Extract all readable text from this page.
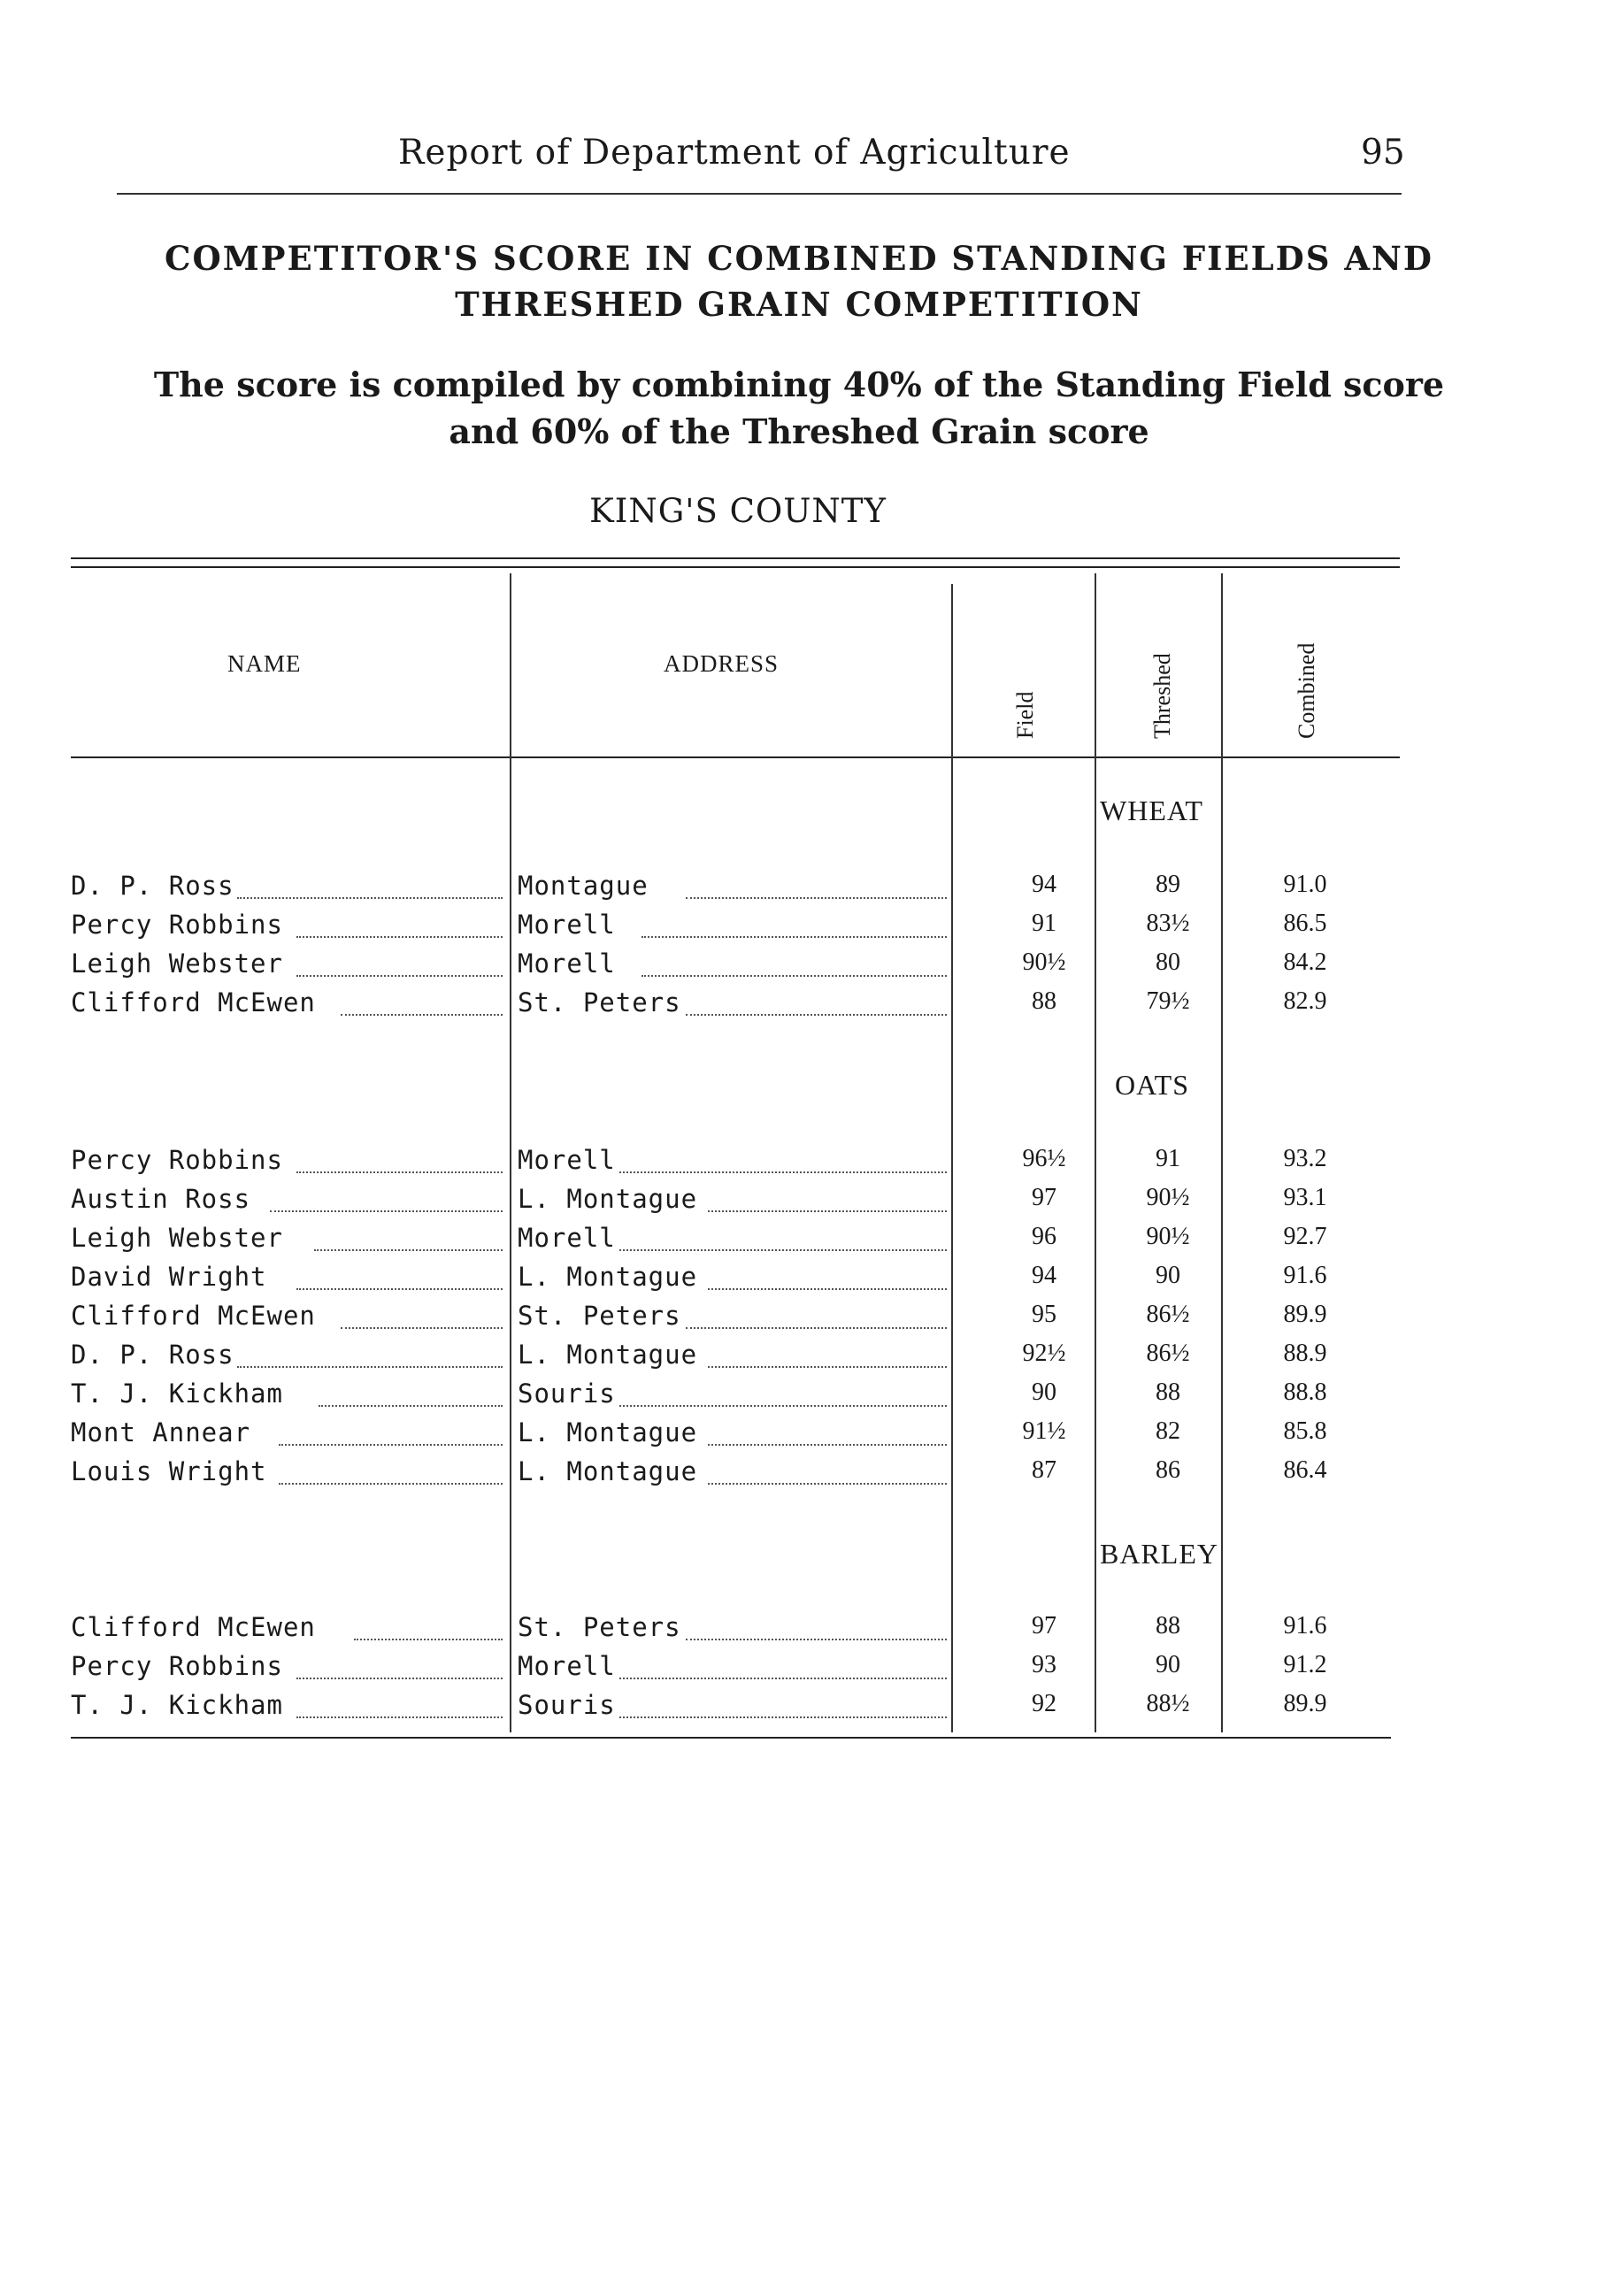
Report of Department of Agriculture	95
COMPETITOR'S SCORE IN COMBINED STANDING FIELDS AND
THRESHED GRAIN COMPETITION
The score is compiled by combining 40% of the Standing Field score
and 60% of the Threshed Grain score
KING'S COUNTY
NAME	ADDRESS
Field	Threshed	Combined
WHEAT
D. P. Ross	Montague	94	89	91.0
Percy Robbins	Morell	91	83½	86.5
Leigh Webster	Morell	90½	80	84.2
Clifford McEwen	St. Peters	88	79½	82.9
OATS
Percy Robbins	Morell	96½	91	93.2
Austin Ross	L. Montague	97	90½	93.1
Leigh Webster	Morell	96	90½	92.7
David Wright	L. Montague	94	90	91.6
Clifford McEwen	St. Peters	95	86½	89.9
D. P. Ross	L. Montague	92½	86½	88.9
T. J. Kickham	Souris	90	88	88.8
Mont Annear	L. Montague	91½	82	85.8
Louis Wright	L. Montague	87	86	86.4
BARLEY
Clifford McEwen	St. Peters	97	88	91.6
Percy Robbins	Morell	93	90	91.2
T. J. Kickham	Souris	92	88½	89.9
